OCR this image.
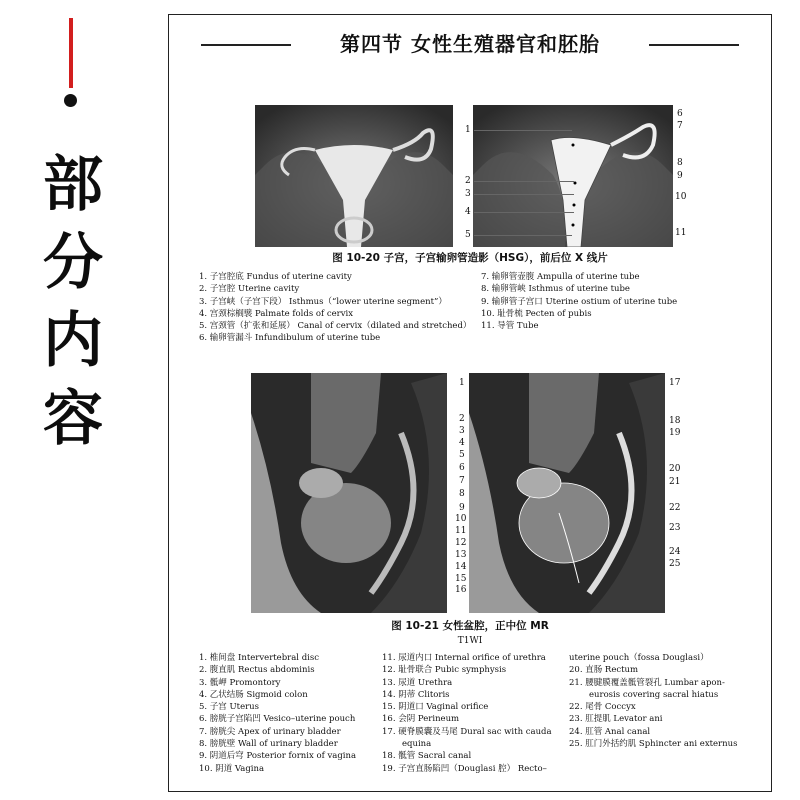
部
分
内
容
第四节 女性生殖器官和胚胎
1
2
3
4
5
6
7
8
9
10
11
图 10-20 子宫，子宫输卵管造影（HSG），前后位 X 线片
1. 子宫腔底 Fundus of uterine cavity
2. 子宫腔 Uterine cavity
3. 子宫峡（子宫下段） Isthmus（“lower uterine segment”）
4. 宫颈棕榈襞 Palmate folds of cervix
5. 宫颈管（扩张和延展） Canal of cervix（dilated and stretched）
6. 输卵管漏斗 Infundibulum of uterine tube
7. 输卵管壶腹 Ampulla of uterine tube
8. 输卵管峡 Isthmus of uterine tube
9. 输卵管子宫口 Uterine ostium of uterine tube
10. 耻骨梳 Pecten of pubis
11. 导管 Tube
1
2
3
4
5
6
7
8
9
10
11
12
13
14
15
16
17
18
19
20
21
22
23
24
25
图 10-21 女性盆腔，正中位 MR
T1WI
1. 椎间盘 Intervertebral disc
2. 腹直肌 Rectus abdominis
3. 骶岬 Promontory
4. 乙状结肠 Sigmoid colon
5. 子宫 Uterus
6. 膀胱子宫陷凹 Vesico–uterine pouch
7. 膀胱尖 Apex of urinary bladder
8. 膀胱壁 Wall of urinary bladder
9. 阴道后穹 Posterior fornix of vagina
10. 阴道 Vagina
11. 尿道内口 Internal orifice of urethra
12. 耻骨联合 Pubic symphysis
13. 尿道 Urethra
14. 阴蒂 Clitoris
15. 阴道口 Vaginal orifice
16. 会阴 Perineum
17. 硬脊膜囊及马尾 Dural sac with cauda
equina
18. 骶管 Sacral canal
19. 子宫直肠陷凹（Douglasi 腔） Recto–
uterine pouch（fossa Douglasi）
20. 直肠 Rectum
21. 腰腱膜覆盖骶管裂孔 Lumbar apon-
eurosis covering sacral hiatus
22. 尾骨 Coccyx
23. 肛提肌 Levator ani
24. 肛管 Anal canal
25. 肛门外括约肌 Sphincter ani externus
